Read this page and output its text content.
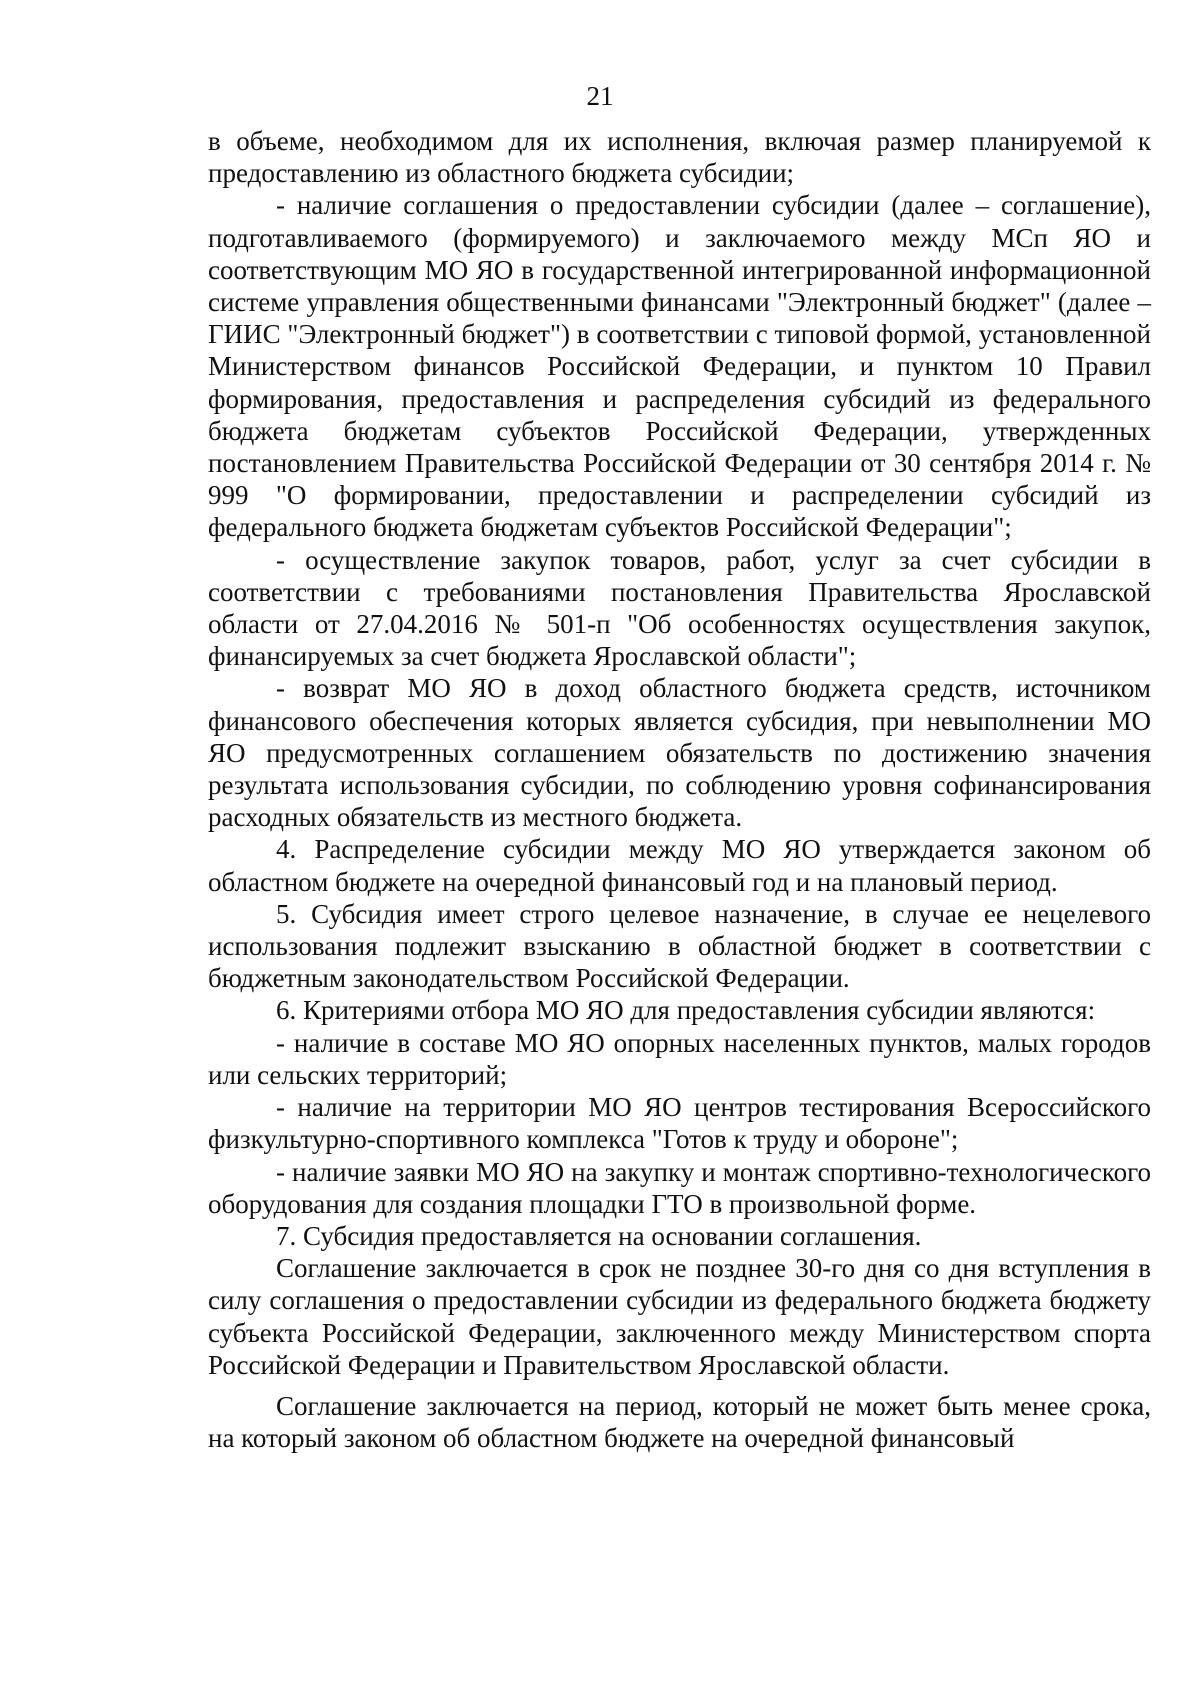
21

в объеме, необходимом для их исполнения, включая размер планируемой к предоставлению из областного бюджета субсидии;

- наличие соглашения о предоставлении субсидии (далее – соглашение), подготавливаемого (формируемого) и заключаемого между МСп ЯО и соответствующим МО ЯО в государственной интегрированной информационной системе управления общественными финансами "Электронный бюджет" (далее – ГИИС "Электронный бюджет") в соответствии с типовой формой, установленной Министерством финансов Российской Федерации, и пунктом 10 Правил формирования, предоставления и распределения субсидий из федерального бюджета бюджетам субъектов Российской Федерации, утвержденных постановлением Правительства Российской Федерации от 30 сентября 2014 г. № 999 "О формировании, предоставлении и распределении субсидий из федерального бюджета бюджетам субъектов Российской Федерации";

- осуществление закупок товаров, работ, услуг за счет субсидии в соответствии с требованиями постановления Правительства Ярославской области от 27.04.2016 № 501-п "Об особенностях осуществления закупок, финансируемых за счет бюджета Ярославской области";

- возврат МО ЯО в доход областного бюджета средств, источником финансового обеспечения которых является субсидия, при невыполнении МО ЯО предусмотренных соглашением обязательств по достижению значения результата использования субсидии, по соблюдению уровня софинансирования расходных обязательств из местного бюджета.

4. Распределение субсидии между МО ЯО утверждается законом об областном бюджете на очередной финансовый год и на плановый период.

5. Субсидия имеет строго целевое назначение, в случае ее нецелевого использования подлежит взысканию в областной бюджет в соответствии с бюджетным законодательством Российской Федерации.

6. Критериями отбора МО ЯО для предоставления субсидии являются:

- наличие в составе МО ЯО опорных населенных пунктов, малых городов или сельских территорий;

- наличие на территории МО ЯО центров тестирования Всероссийского физкультурно-спортивного комплекса "Готов к труду и обороне";

- наличие заявки МО ЯО на закупку и монтаж спортивно-технологического оборудования для создания площадки ГТО в произвольной форме.

7. Субсидия предоставляется на основании соглашения.

Соглашение заключается в срок не позднее 30-го дня со дня вступления в силу соглашения о предоставлении субсидии из федерального бюджета бюджету субъекта Российской Федерации, заключенного между Министерством спорта Российской Федерации и Правительством Ярославской области.

Соглашение заключается на период, который не может быть менее срока, на который законом об областном бюджете на очередной финансовый
